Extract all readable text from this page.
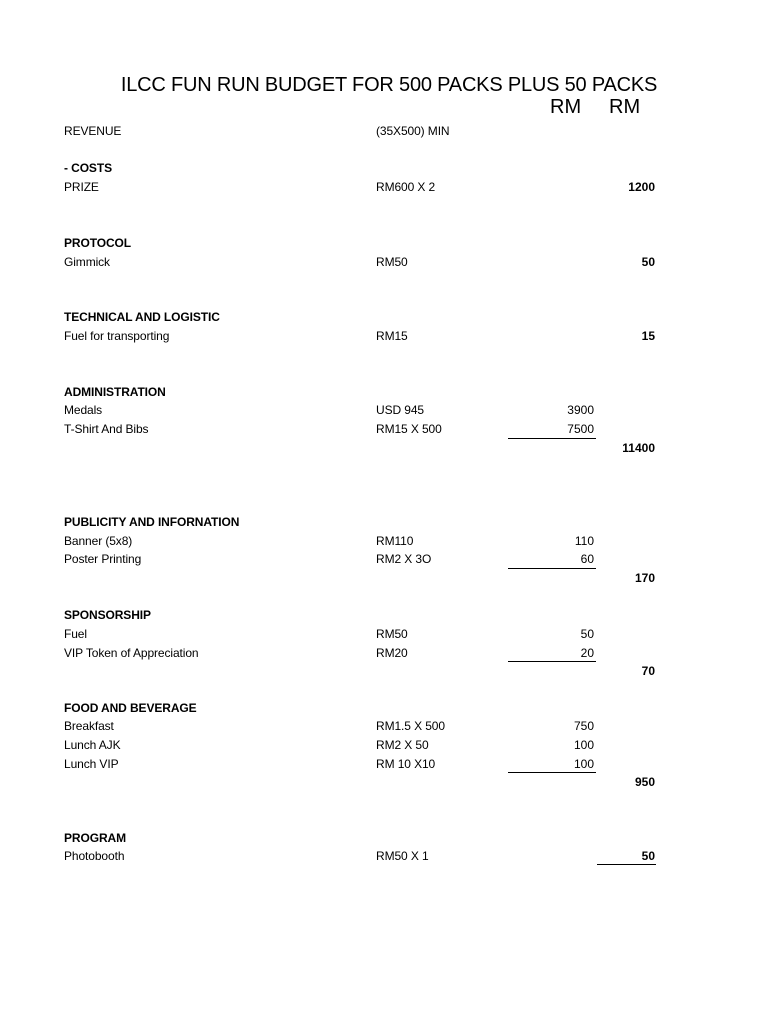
ILCC FUN RUN BUDGET FOR 500 PACKS PLUS 50 PACKS
RM RM
REVENUE	(35X500) MIN
- COSTS
PRIZE	RM600 X 2	1200
PROTOCOL
Gimmick	RM50	50
TECHNICAL AND LOGISTIC
Fuel for transporting	RM15	15
ADMINISTRATION
Medals	USD 945	3900
T-Shirt And Bibs	RM15 X 500	7500
11400
PUBLICITY AND INFORNATION
Banner (5x8)	RM110	110
Poster Printing	RM2 X 3O	60
170
SPONSORSHIP
Fuel	RM50	50
VIP Token of Appreciation	RM20	20
70
FOOD AND BEVERAGE
Breakfast	RM1.5 X 500	750
Lunch AJK	RM2 X 50	100
Lunch VIP	RM 10 X10	100
950
PROGRAM
Photobooth	RM50 X 1	50
